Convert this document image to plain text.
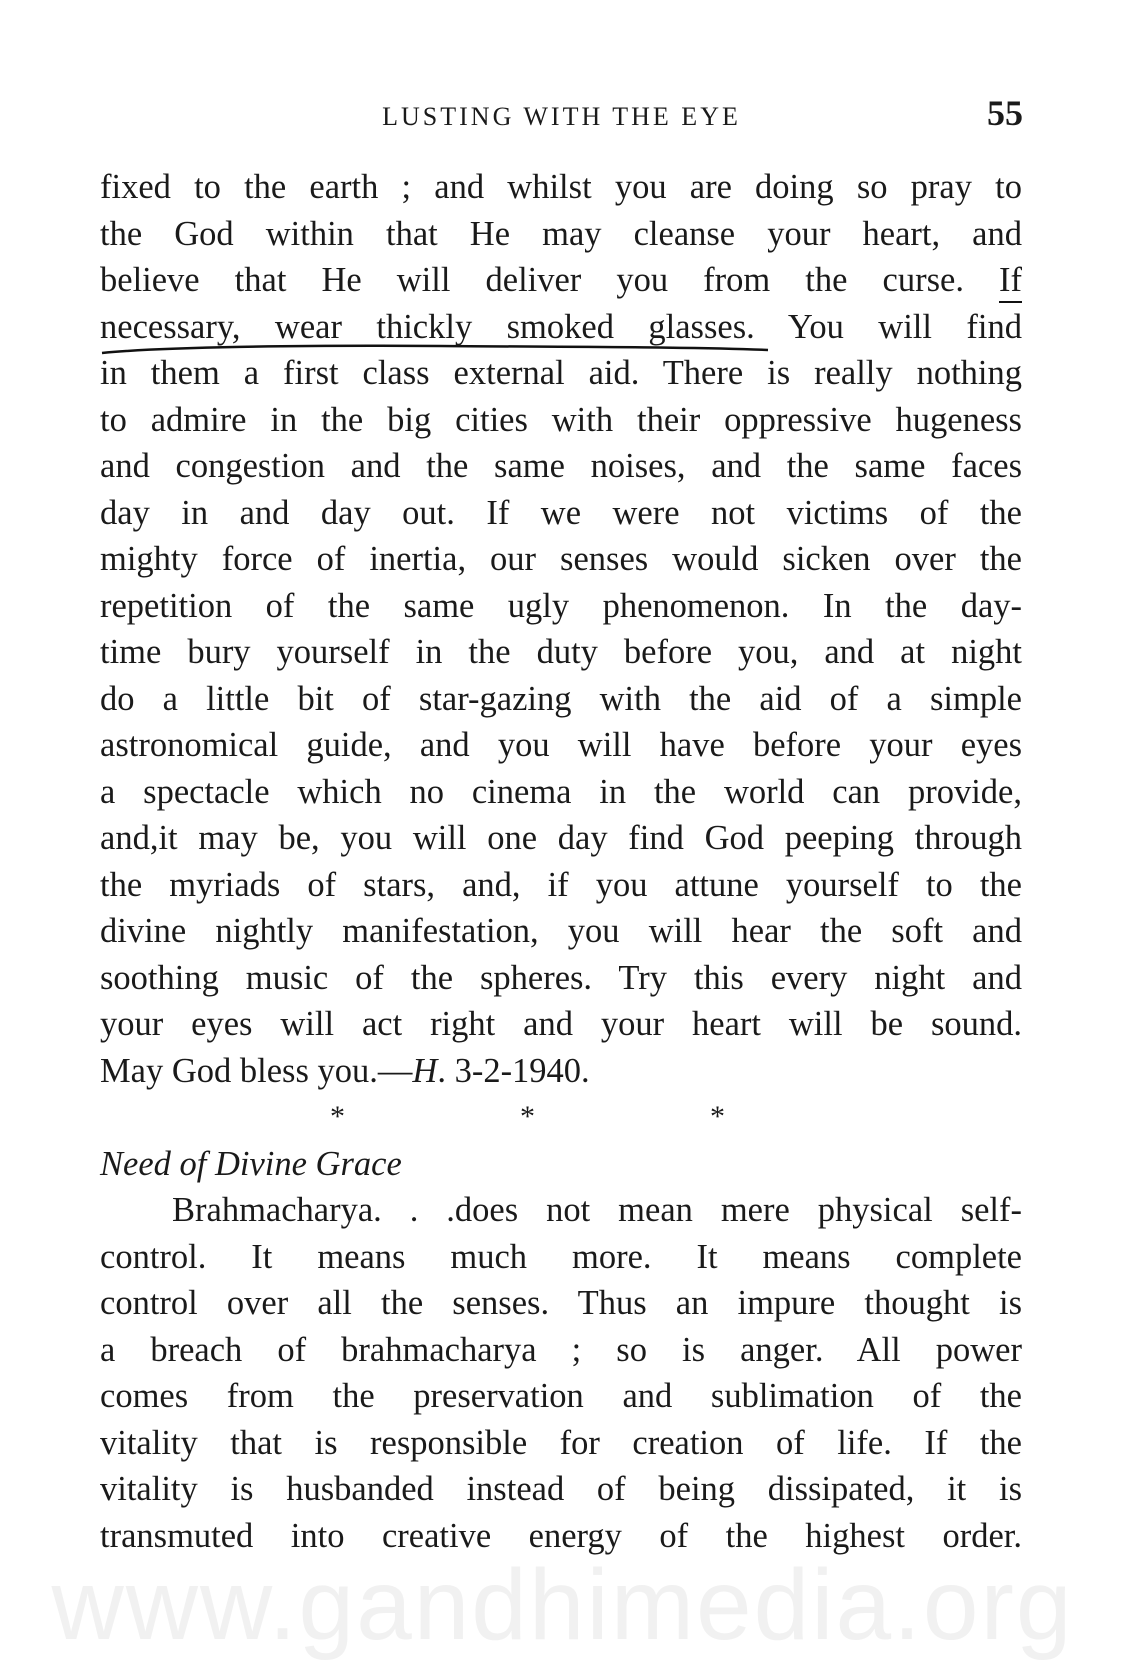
LUSTING WITH THE EYE	55
fixed to the earth ; and whilst you are doing so pray to
the God within that He may cleanse your heart, and
believe that He will deliver you from the curse. If
necessary, wear thickly smoked glasses. You will find
in them a first class external aid. There is really nothing
to admire in the big cities with their oppressive hugeness
and congestion and the same noises, and the same faces
day in and day out. If we were not victims of the
mighty force of inertia, our senses would sicken over the
repetition of the same ugly phenomenon. In the day-
time bury yourself in the duty before you, and at night
do a little bit of star-gazing with the aid of a simple
astronomical guide, and you will have before your eyes
a spectacle which no cinema in the world can provide,
and,it may be, you will one day find God peeping through
the myriads of stars, and, if you attune yourself to the
divine nightly manifestation, you will hear the soft and
soothing music of the spheres. Try this every night and
your eyes will act right and your heart will be sound.
May God bless you.—H. 3-2-1940.
*	*	*
Need of Divine Grace
Brahmacharya. . .does not mean mere physical self-
control. It means much more. It means complete
control over all the senses. Thus an impure thought is
a breach of brahmacharya ; so is anger. All power
comes from the preservation and sublimation of the
vitality that is responsible for creation of life. If the
vitality is husbanded instead of being dissipated, it is
transmuted into creative energy of the highest order.
www.gandhimedia.org
